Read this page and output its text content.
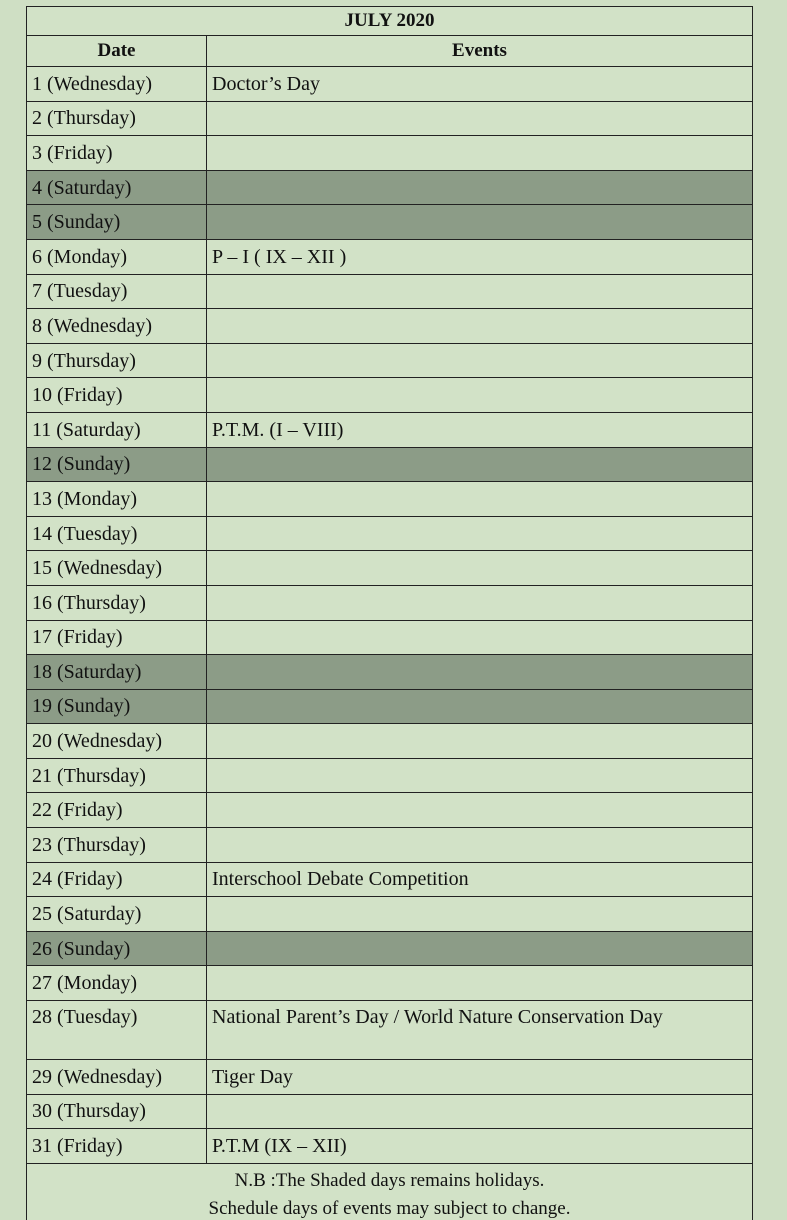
JULY 2020	
Date	Events
1 (Wednesday)	Doctor’s Day
2 (Thursday)	
3 (Friday)	
4 (Saturday)	
5 (Sunday)	
6 (Monday)	P – I ( IX – XII )
7 (Tuesday)	
8 (Wednesday)	
9 (Thursday)	
10 (Friday)	
11 (Saturday)	P.T.M. (I – VIII)
12 (Sunday)	
13 (Monday)	
14 (Tuesday)	
15 (Wednesday)	
16 (Thursday)	
17 (Friday)	
18 (Saturday)	
19 (Sunday)	
20 (Wednesday)	
21 (Thursday)	
22 (Friday)	
23 (Thursday)	
24 (Friday)	Interschool Debate Competition
25 (Saturday)	
26 (Sunday)	
27 (Monday)	
28 (Tuesday)	National Parent’s Day / World Nature Conservation Day
29 (Wednesday)	Tiger Day
30 (Thursday)	
31 (Friday)	P.T.M (IX – XII)

N.B :The Shaded days remains holidays.
Schedule days of events may subject to change.	
